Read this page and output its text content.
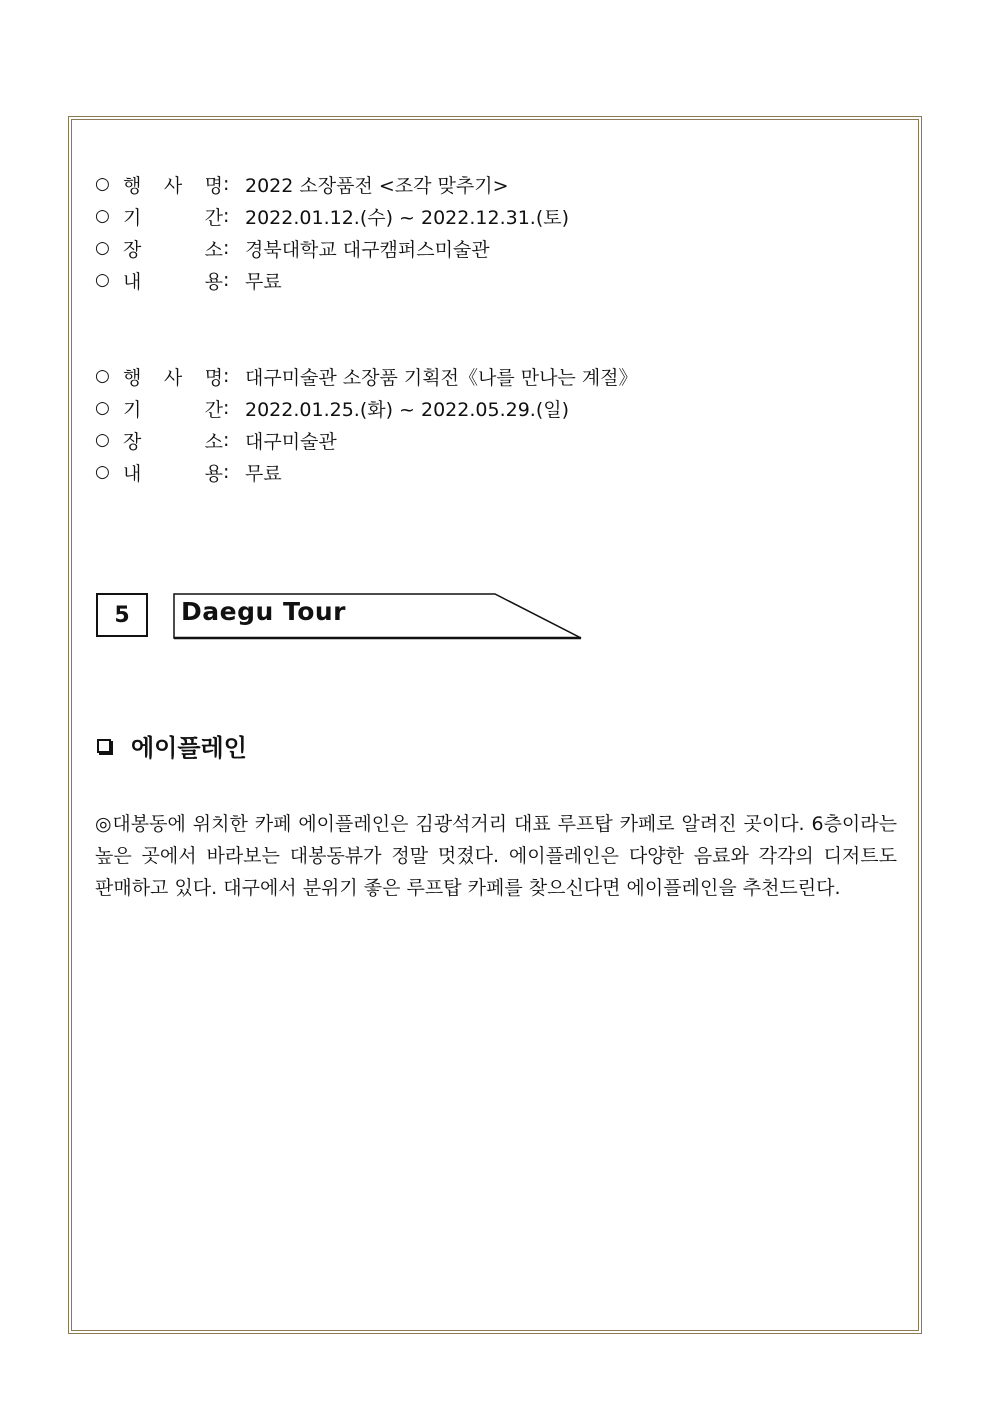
○ 행 사 명 : 2022 소장품전 <조각 맞추기>
○ 기	간 : 2022.01.12.(수) ~ 2022.12.31.(토)
○ 장	소 : 경북대학교 대구캠퍼스미술관
○ 내	용 : 무료
○ 행 사 명 : 대구미술관 소장품 기획전《나를 만나는 계절》
○ 기	간 : 2022.01.25.(화) ~ 2022.05.29.(일)
○ 장	소 : 대구미술관
○ 내	용 : 무료
5 Daegu Tour
에이플레인
◎대봉동에 위치한 카페 에이플레인은 김광석거리 대표 루프탑 카페로 알려진 곳이다. 6층이라는 높은 곳에서 바라보는 대봉동뷰가 정말 멋졌다. 에이플레인은 다양한 음료와 각각의 디저트도 판매하고 있다. 대구에서 분위기 좋은 루프탑 카페를 찾으신다면 에이플레인을 추천드린다.
